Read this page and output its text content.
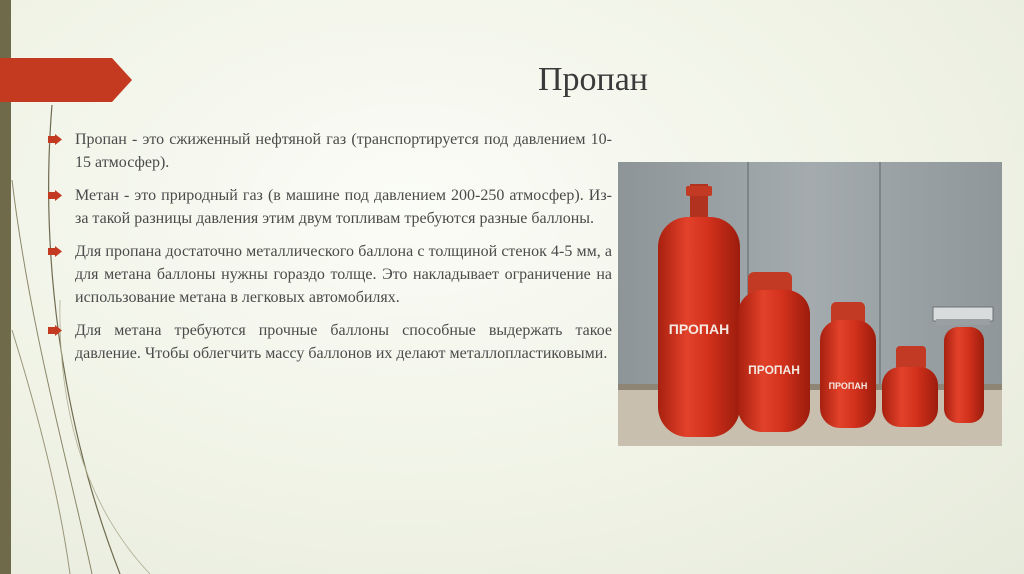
Пропан
Пропан - это сжиженный нефтяной газ (транспортируется под давлением 10-15 атмосфер).
Метан - это природный газ (в машине под давлением 200-250 атмосфер). Из-за такой разницы давления этим двум топливам требуются разные баллоны.
Для пропана достаточно металлического баллона с толщиной стенок 4-5 мм, а для метана баллоны нужны гораздо толще. Это накладывает ограничение на использование метана в легковых автомобилях.
Для метана требуются прочные баллоны способные выдержать такое давление. Чтобы облегчить массу баллонов их делают металлопластиковыми.
ПРОПАН
ПРОПАН
ПРОПАН
